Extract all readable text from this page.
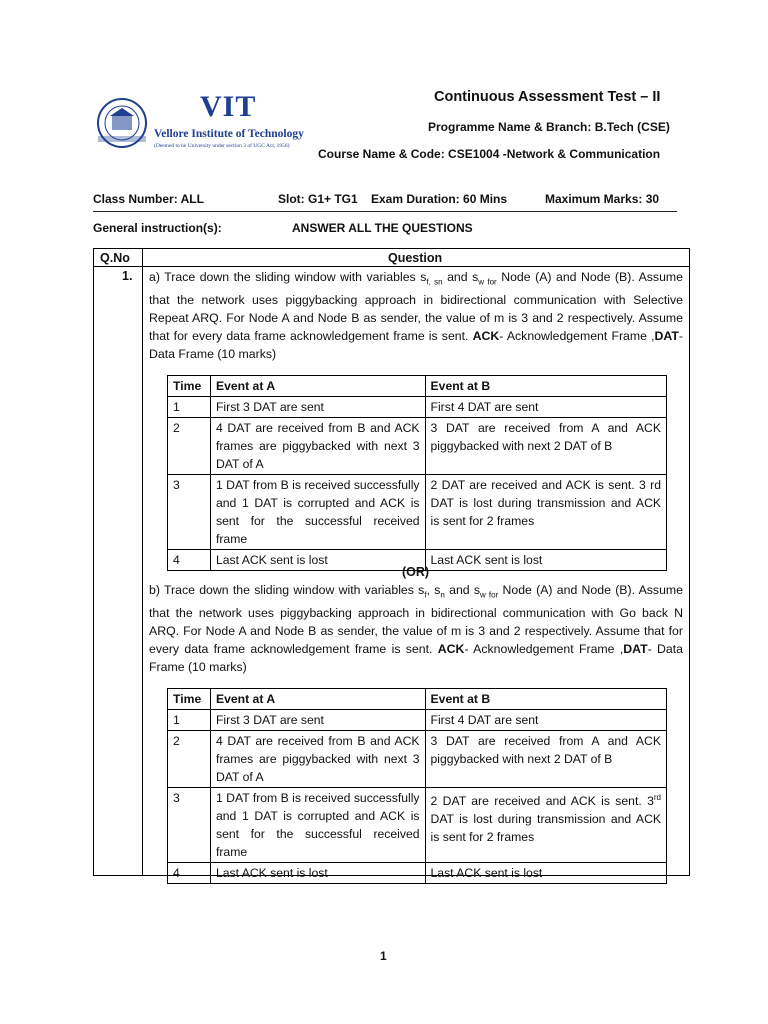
VIT
Vellore Institute of Technology
(Deemed to be University under section 3 of UGC Act, 1956)
Continuous Assessment Test – II
Programme Name & Branch: B.Tech (CSE)
Course Name & Code: CSE1004 -Network & Communication
Class Number: ALL	Slot: G1+ TG1 Exam Duration: 60 Mins	Maximum Marks: 30
General instruction(s):	ANSWER ALL THE QUESTIONS
Q.No	Question
1. a) Trace down the sliding window with variables $s_{f, sn}$ and $s_{w for}$ Node (A) and Node (B). Assume that the network uses piggybacking approach in bidirectional communication with Selective Repeat ARQ. For Node A and Node B as sender, the value of m is 3 and 2 respectively. Assume that for every data frame acknowledgement frame is sent. ACK- Acknowledgement Frame ,DAT- Data Frame (10 marks)
Time	Event at A	Event at B
1	First 3 DAT are sent	First 4 DAT are sent
2	4 DAT are received from B and ACK frames are piggybacked with next 3 DAT of A	3 DAT are received from A and ACK piggybacked with next 2 DAT of B
3	1 DAT from B is received successfully and 1 DAT is corrupted and ACK is sent for the successful received frame	2 DAT are received and ACK is sent. 3 rd DAT is lost during transmission and ACK is sent for 2 frames
4	Last ACK sent is lost	Last ACK sent is lost
(OR)
b) Trace down the sliding window with variables $s_f$, $s_n$ and $s_{w for}$ Node (A) and Node (B). Assume that the network uses piggybacking approach in bidirectional communication with Go back N ARQ. For Node A and Node B as sender, the value of m is 3 and 2 respectively. Assume that for every data frame acknowledgement frame is sent. ACK- Acknowledgement Frame ,DAT- Data Frame (10 marks)
Time	Event at A	Event at B
1	First 3 DAT are sent	First 4 DAT are sent
2	4 DAT are received from B and ACK frames are piggybacked with next 3 DAT of A	3 DAT are received from A and ACK piggybacked with next 2 DAT of B
3	1 DAT from B is received successfully and 1 DAT is corrupted and ACK is sent for the successful received frame	2 DAT are received and ACK is sent. 3rd DAT is lost during transmission and ACK is sent for 2 frames
4	Last ACK sent is lost	Last ACK sent is lost
1
